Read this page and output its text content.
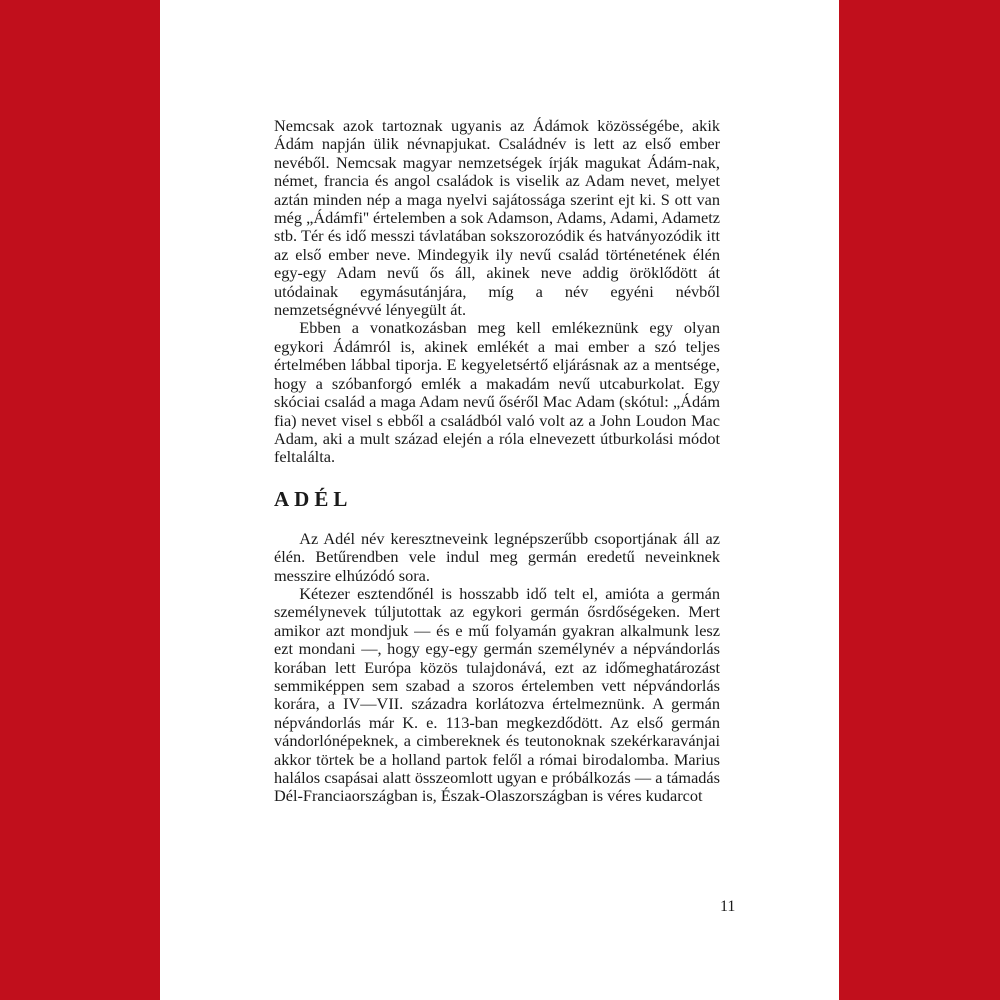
Nemcsak azok tartoznak ugyanis az Ádámok közösségébe, akik Ádám napján ülik névnapjukat. Családnév is lett az első ember nevéből. Nemcsak magyar nemzetségek írják magukat Ádám-nak, német, francia és angol családok is viselik az Adam nevet, melyet aztán minden nép a maga nyelvi sajátossága szerint ejt ki. S ott van még „Ádámfi'' értelemben a sok Adamson, Adams, Adami, Adametz stb. Tér és idő messzi távlatában sokszorozódik és hatványozódik itt az első ember neve. Mindegyik ily nevű család történetének élén egy-egy Adam nevű ős áll, akinek neve addig öröklődött át utódainak egymásutánjára, míg a név egyéni névből nemzetségnévvé lényegült át.

Ebben a vonatkozásban meg kell emlékeznünk egy olyan egykori Ádámról is, akinek emlékét a mai ember a szó teljes értelmében lábbal tiporja. E kegyeletsértő eljárásnak az a mentsége, hogy a szóbanforgó emlék a makadám nevű utcaburkolat. Egy skóciai család a maga Adam nevű őséről Mac Adam (skótul: „Ádám fia) nevet visel s ebből a családból való volt az a John Loudon Mac Adam, aki a mult század elején a róla elnevezett útburkolási módot feltalálta.

ADÉL

Az Adél név keresztneveink legnépszerűbb csoportjának áll az élén. Betűrendben vele indul meg germán eredetű neveinknek messzire elhúzódó sora.

Kétezer esztendőnél is hosszabb idő telt el, amióta a germán személynevek túljutottak az egykori germán ősrdőségeken. Mert amikor azt mondjuk — és e mű folyamán gyakran alkalmunk lesz ezt mondani —, hogy egy-egy germán személynév a népvándorlás korában lett Európa közös tulajdonává, ezt az időmeghatározást semmiképpen sem szabad a szoros értelemben vett népvándorlás korára, a IV—VII. századra korlátozva értelmeznünk. A germán népvándorlás már K. e. 113-ban megkezdődött. Az első germán vándorlónépeknek, a cimbereknek és teutonoknak szekérkaravánjai akkor törtek be a holland partok felől a római birodalomba. Marius halálos csapásai alatt összeomlott ugyan e próbálkozás — a támadás Dél-Franciaországban is, Észak-Olaszországban is véres kudarcot

11
